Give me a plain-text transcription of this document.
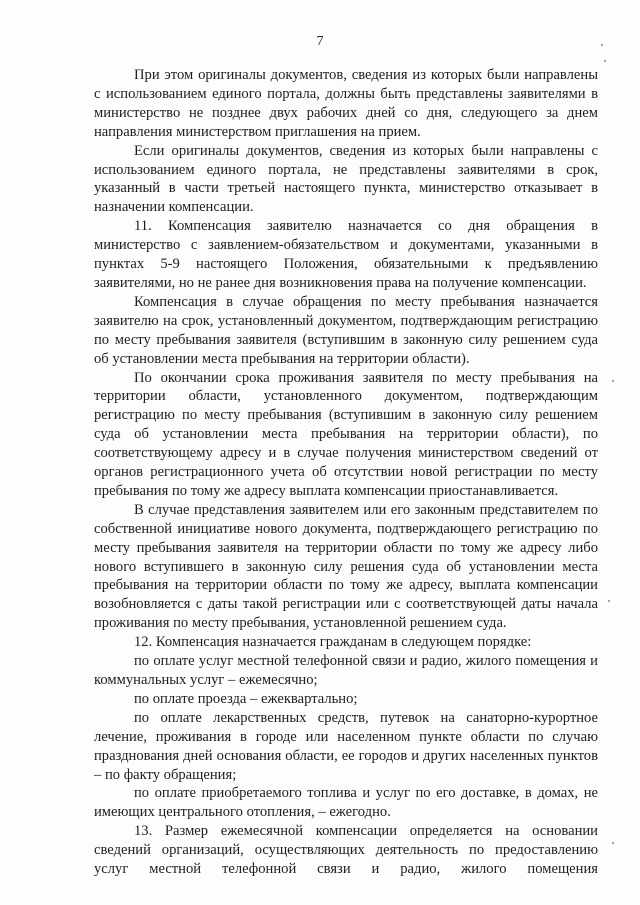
7

При этом оригиналы документов, сведения из которых были направлены с использованием единого портала, должны быть представлены заявителями в министерство не позднее двух рабочих дней со дня, следующего за днем направления министерством приглашения на прием.

Если оригиналы документов, сведения из которых были направлены с использованием единого портала, не представлены заявителями в срок, указанный в части третьей настоящего пункта, министерство отказывает в назначении компенсации.

11. Компенсация заявителю назначается со дня обращения в министерство с заявлением-обязательством и документами, указанными в пунктах 5-9 настоящего Положения, обязательными к предъявлению заявителями, но не ранее дня возникновения права на получение компенсации.

Компенсация в случае обращения по месту пребывания назначается заявителю на срок, установленный документом, подтверждающим регистрацию по месту пребывания заявителя (вступившим в законную силу решением суда об установлении места пребывания на территории области).

По окончании срока проживания заявителя по месту пребывания на территории области, установленного документом, подтверждающим регистрацию по месту пребывания (вступившим в законную силу решением суда об установлении места пребывания на территории области), по соответствующему адресу и в случае получения министерством сведений от органов регистрационного учета об отсутствии новой регистрации по месту пребывания по тому же адресу выплата компенсации приостанавливается.

В случае представления заявителем или его законным представителем по собственной инициативе нового документа, подтверждающего регистрацию по месту пребывания заявителя на территории области по тому же адресу либо нового вступившего в законную силу решения суда об установлении места пребывания на территории области по тому же адресу, выплата компенсации возобновляется с даты такой регистрации или с соответствующей даты начала проживания по месту пребывания, установленной решением суда.

12. Компенсация назначается гражданам в следующем порядке:

по оплате услуг местной телефонной связи и радио, жилого помещения и коммунальных услуг – ежемесячно;

по оплате проезда – ежеквартально;

по оплате лекарственных средств, путевок на санаторно-курортное лечение, проживания в городе или населенном пункте области по случаю празднования дней основания области, ее городов и других населенных пунктов – по факту обращения;

по оплате приобретаемого топлива и услуг по его доставке, в домах, не имеющих центрального отопления, – ежегодно.

13. Размер ежемесячной компенсации определяется на основании сведений организаций, осуществляющих деятельность по предоставлению услуг местной телефонной связи и радио, жилого помещения
